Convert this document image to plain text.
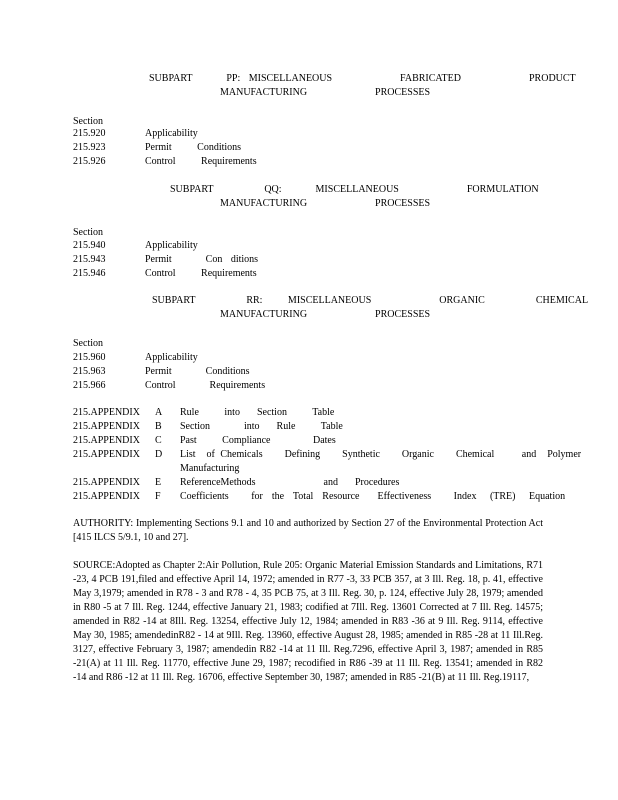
SUBPART    PP: MISCELLANEOUS        FABRICATED        PRODUCT
MANUFACTURING        PROCESSES
Section
215.920	Applicability
215.923	Permit   Conditions
215.926	Control   Requirements
SUBPART      QQ:    MISCELLANEOUS        FORMULATION
MANUFACTURING        PROCESSES
Section
215.940	Applicability
215.943	Permit    Con ditions
215.946	Control   Requirements
SUBPART      RR:   MISCELLANEOUS        ORGANIC      CHEMICAL
MANUFACTURING        PROCESSES
Section
215.960	Applicability
215.963	Permit    Conditions
215.966	Control    Requirements
215.APPENDIX A Rule   into  Section   Table
215.APPENDIX B Section    into  Rule   Table
215.APPENDIX C Past   Compliance     Dates
215.APPENDIX D List  of Chemicals    Defining    Synthetic    Organic    Chemical     and  Polymer
Manufacturing
215.APPENDIX E ReferenceMethods        and  Procedures
215.APPENDIX F Coefficients     for  the  Total  Resource    Effectiveness     Index   (TRE)   Equation
AUTHORITY: Implementing Sections 9.1 and 10 and authorized by Section 27 of the Environmental Protection Act [415 ILCS 5/9.1, 10 and 27].
SOURCE:Adopted as Chapter 2:Air Pollution, Rule 205: Organic Material Emission Standards and Limitations, R71 -23, 4 PCB 191,filed and effective April 14, 1972; amended in R77 -3, 33 PCB 357, at 3 Ill. Reg. 18, p. 41, effective May 3,1979; amended in R78 - 3 and R78 - 4, 35 PCB 75, at 3 Ill. Reg. 30, p. 124, effective July 28, 1979; amended in R80 -5 at 7 Ill. Reg. 1244, effective January 21, 1983; codified at 7Ill. Reg. 13601 Corrected at 7 Ill. Reg. 14575; amended in R82 -14 at 8Ill. Reg. 13254, effective July 12, 1984; amended in R83 -36 at 9 Ill. Reg. 9114, effective May 30, 1985; amendedinR82 - 14 at 9Ill. Reg. 13960, effective August 28, 1985; amended in R85 -28 at 11 Ill.Reg. 3127, effective February 3, 1987; amendedin R82 -14 at 11 Ill. Reg.7296, effective April 3, 1987; amended in R85 -21(A) at 11 Ill. Reg. 11770, effective June 29, 1987; recodified in R86 -39 at 11 Ill. Reg. 13541; amended in R82 -14 and R86 -12 at 11 Ill. Reg. 16706, effective September 30, 1987; amended in R85 -21(B) at 11 Ill. Reg.19117,
